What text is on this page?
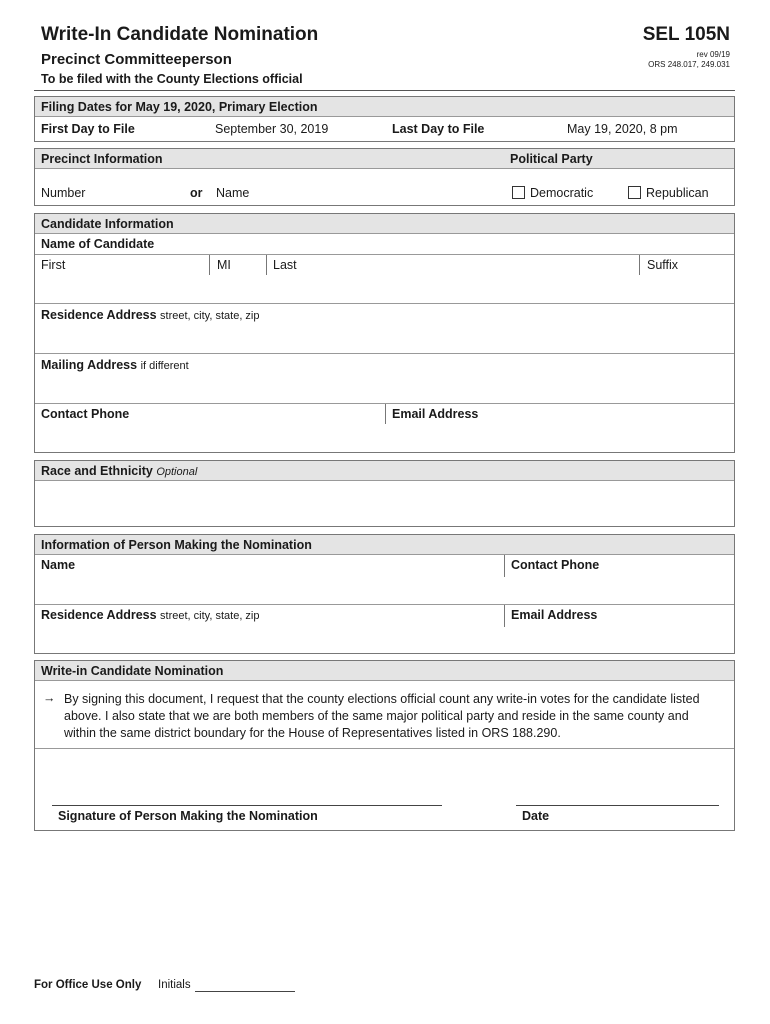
Write-In Candidate Nomination
Precinct Committeeperson
To be filed with the County Elections official
SEL 105N
rev 09/19
ORS 248.017, 249.031
Filing Dates for May 19, 2020, Primary Election
First Day to File	September 30, 2019	Last Day to File	May 19, 2020, 8 pm
Precinct Information	Political Party
Number	or Name	Democratic	Republican
Candidate Information
Name of Candidate
First	MI	Last	Suffix
Residence Address street, city, state, zip
Mailing Address if different
Contact Phone	Email Address
Race and Ethnicity Optional
Information of Person Making the Nomination
Name	Contact Phone
Residence Address street, city, state, zip	Email Address
Write-in Candidate Nomination
→ By signing this document, I request that the county elections official count any write-in votes for the candidate listed above. I also state that we are both members of the same major political party and reside in the same county and within the same district boundary for the House of Representatives listed in ORS 188.290.
Signature of Person Making the Nomination	Date
For Office Use Only Initials
